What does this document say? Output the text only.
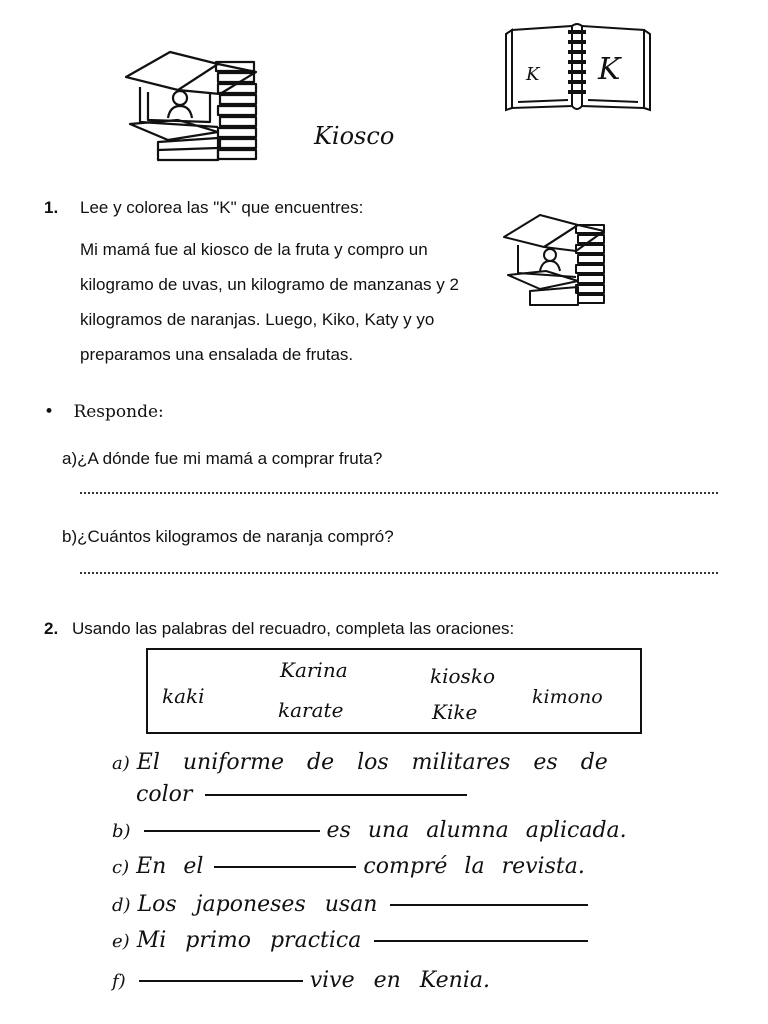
Kiosco
K K
1. Lee y colorea las "K" que encuentres:
Mi mamá fue al kiosco de la fruta y compro un kilogramo de uvas, un kilogramo de manzanas y 2 kilogramos de naranjas. Luego, Kiko, Katy y yo preparamos una ensalada de frutas.
• Responde:
a)¿A dónde fue mi mamá a comprar fruta?
b)¿Cuántos kilogramos de naranja compró?
2. Usando las palabras del recuadro, completa las oraciones:
Karina	kiosko
kaki	kimono
karate	Kike
a) El uniforme de los militares es de
color
b)	es una alumna aplicada.
c) En el	compré la revista.
d) Los japoneses usan
e) Mi primo practica
f)	vive en Kenia.
